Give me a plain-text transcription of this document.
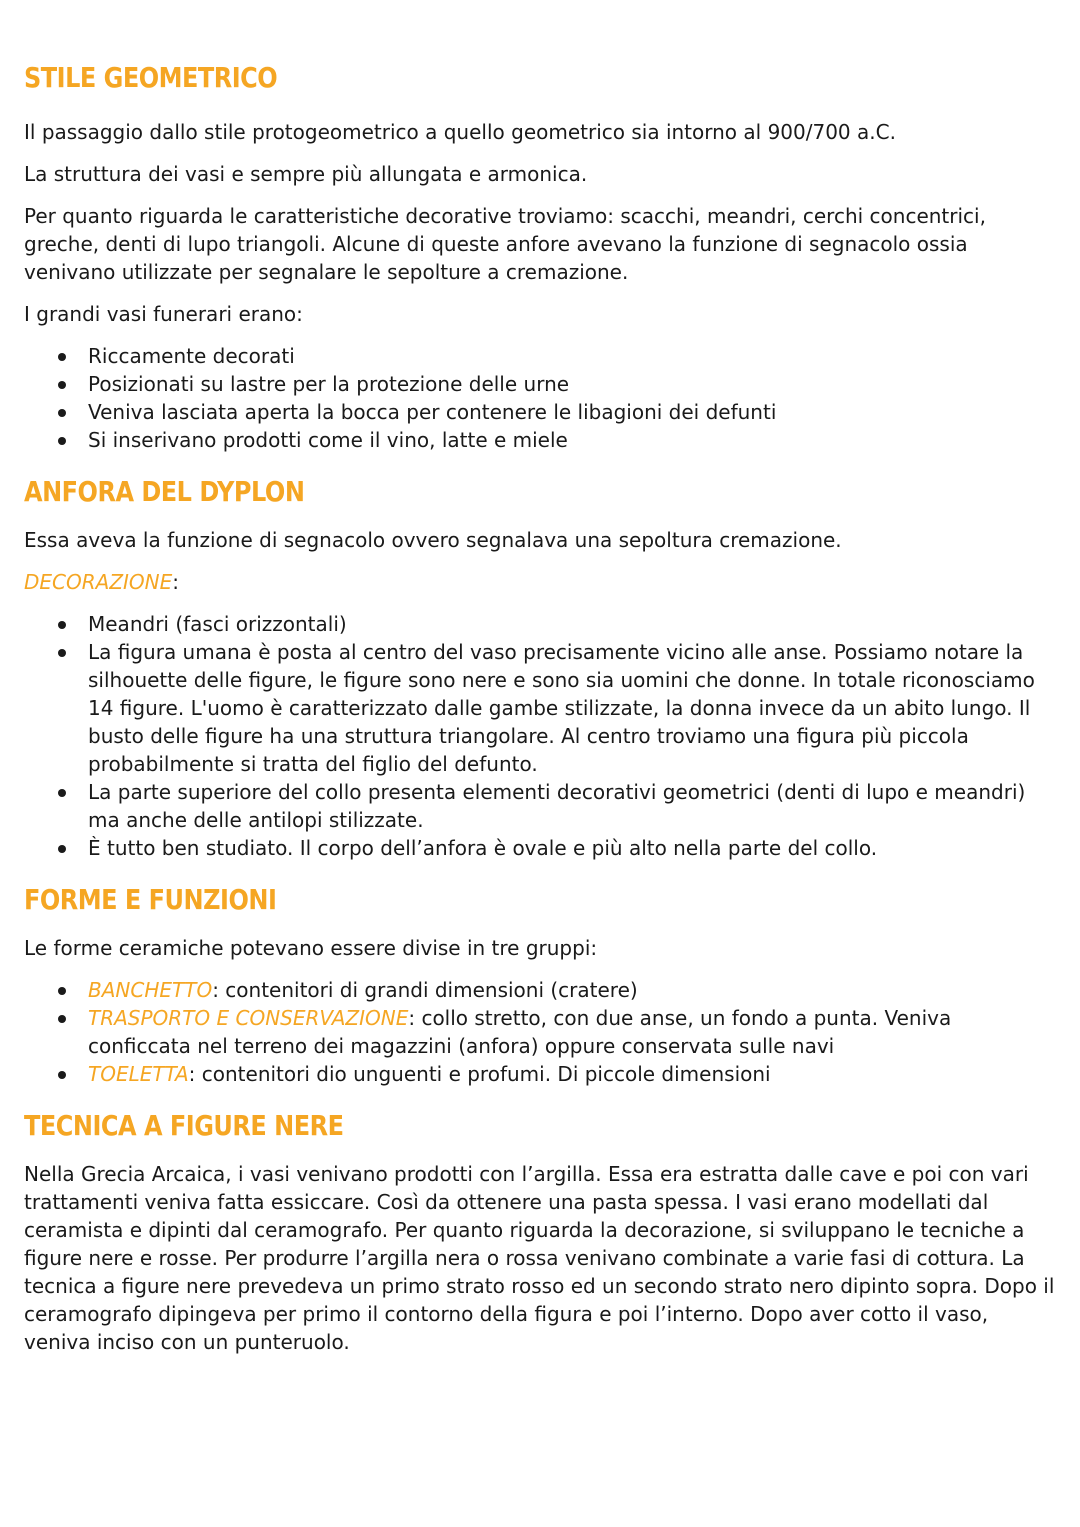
STILE GEOMETRICO

Il passaggio dallo stile protogeometrico a quello geometrico sia intorno al 900/700 a.C.

La struttura dei vasi e sempre più allungata e armonica.

Per quanto riguarda le caratteristiche decorative troviamo: scacchi, meandri, cerchi concentrici, greche, denti di lupo triangoli. Alcune di queste anfore avevano la funzione di segnacolo ossia venivano utilizzate per segnalare le sepolture a cremazione.

I grandi vasi funerari erano:

Riccamente decorati
Posizionati su lastre per la protezione delle urne
Veniva lasciata aperta la bocca per contenere le libagioni dei defunti
Si inserivano prodotti come il vino, latte e miele
ANFORA DEL DYPLON

Essa aveva la funzione di segnacolo ovvero segnalava una sepoltura cremazione.

DECORAZIONE:

Meandri (fasci orizzontali)
La figura umana è posta al centro del vaso precisamente vicino alle anse. Possiamo notare la silhouette delle figure, le figure sono nere e sono sia uomini che donne. In totale riconosciamo 14 figure. L'uomo è caratterizzato dalle gambe stilizzate, la donna invece da un abito lungo. Il busto delle figure ha una struttura triangolare. Al centro troviamo una figura più piccola probabilmente si tratta del figlio del defunto.
La parte superiore del collo presenta elementi decorativi geometrici (denti di lupo e meandri) ma anche delle antilopi stilizzate.
È tutto ben studiato. Il corpo dell’anfora è ovale e più alto nella parte del collo.
FORME E FUNZIONI

Le forme ceramiche potevano essere divise in tre gruppi:

BANCHETTO: contenitori di grandi dimensioni (cratere)
TRASPORTO E CONSERVAZIONE: collo stretto, con due anse, un fondo a punta. Veniva conficcata nel terreno dei magazzini (anfora) oppure conservata sulle navi
TOELETTA: contenitori dio unguenti e profumi. Di piccole dimensioni
TECNICA A FIGURE NERE

Nella Grecia Arcaica, i vasi venivano prodotti con l’argilla. Essa era estratta dalle cave e poi con vari trattamenti veniva fatta essiccare. Così da ottenere una pasta spessa. I vasi erano modellati dal ceramista e dipinti dal ceramografo. Per quanto riguarda la decorazione, si sviluppano le tecniche a figure nere e rosse. Per produrre l’argilla nera o rossa venivano combinate a varie fasi di cottura. La tecnica a figure nere prevedeva un primo strato rosso ed un secondo strato nero dipinto sopra. Dopo il ceramografo dipingeva per primo il contorno della figura e poi l’interno. Dopo aver cotto il vaso, veniva inciso con un punteruolo.
